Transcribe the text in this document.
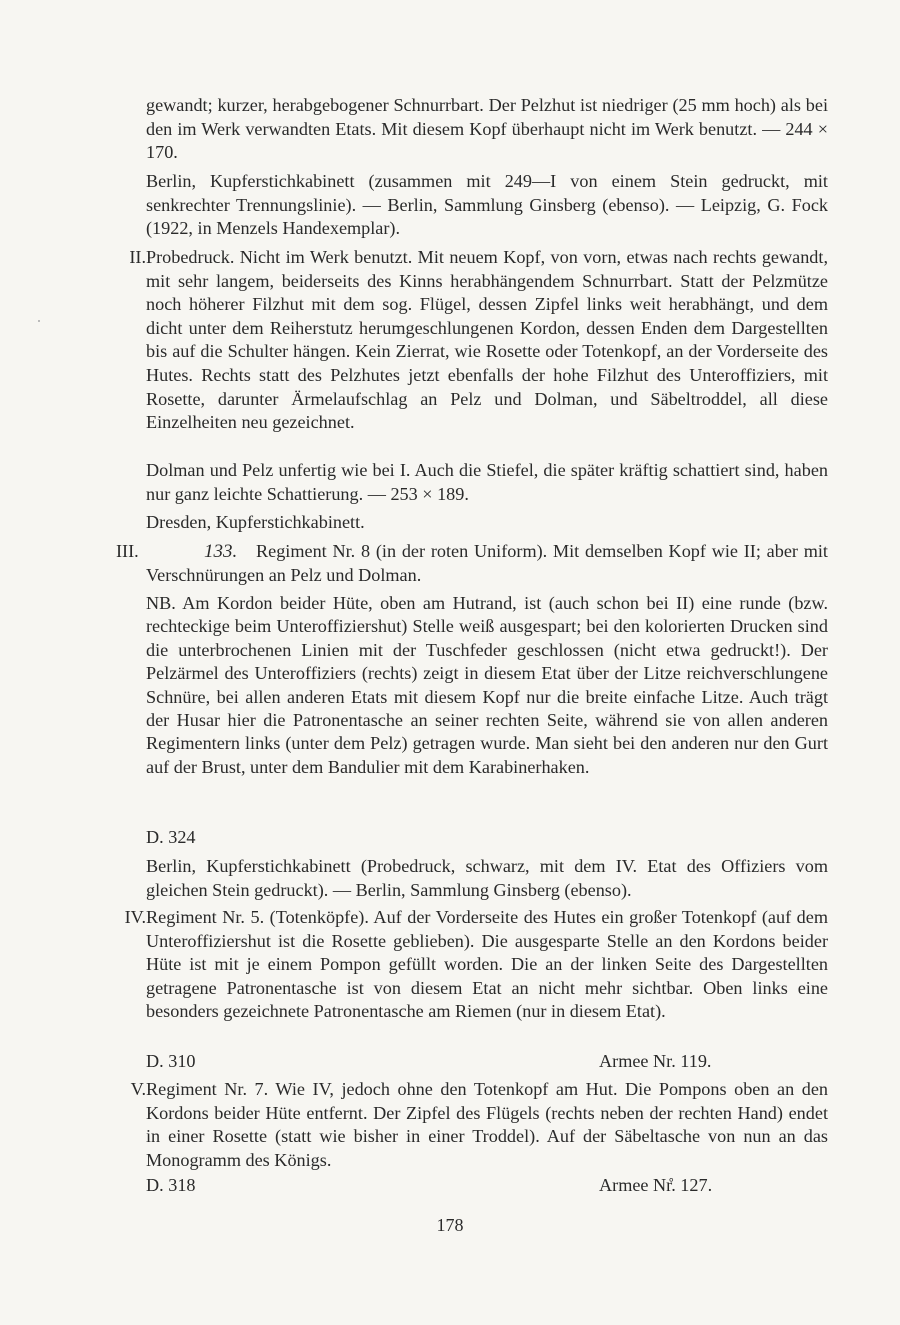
gewandt; kurzer, herabgebogener Schnurrbart. Der Pelzhut ist niedriger (25 mm hoch) als bei den im Werk verwandten Etats. Mit diesem Kopf überhaupt nicht im Werk benutzt. — 244 × 170.
Berlin, Kupferstichkabinett (zusammen mit 249—I von einem Stein gedruckt, mit senkrechter Trennungslinie). — Berlin, Sammlung Ginsberg (ebenso). — Leipzig, G. Fock (1922, in Menzels Handexemplar).
II. Probedruck. Nicht im Werk benutzt. Mit neuem Kopf, von vorn, etwas nach rechts gewandt, mit sehr langem, beiderseits des Kinns herabhängendem Schnurrbart. Statt der Pelzmütze noch höherer Filzhut mit dem sog. Flügel, dessen Zipfel links weit herabhängt, und dem dicht unter dem Reiherstutz herumgeschlungenen Kordon, dessen Enden dem Dargestellten bis auf die Schulter hängen. Kein Zierrat, wie Rosette oder Totenkopf, an der Vorderseite des Hutes. Rechts statt des Pelzhutes jetzt ebenfalls der hohe Filzhut des Unteroffiziers, mit Rosette, darunter Ärmelaufschlag an Pelz und Dolman, und Säbeltroddel, all diese Einzelheiten neu gezeichnet.
Dolman und Pelz unfertig wie bei I. Auch die Stiefel, die später kräftig schattiert sind, haben nur ganz leichte Schattierung. — 253 × 189.
Dresden, Kupferstichkabinett.
III.	133.	Regiment Nr. 8 (in der roten Uniform). Mit demselben Kopf wie II; aber mit Verschnürungen an Pelz und Dolman.
NB. Am Kordon beider Hüte, oben am Hutrand, ist (auch schon bei II) eine runde (bzw. rechteckige beim Unteroffiziershut) Stelle weiß ausgespart; bei den kolorierten Drucken sind die unterbrochenen Linien mit der Tuschfeder geschlossen (nicht etwa gedruckt!). Der Pelzärmel des Unteroffiziers (rechts) zeigt in diesem Etat über der Litze reichverschlungene Schnüre, bei allen anderen Etats mit diesem Kopf nur die breite einfache Litze. Auch trägt der Husar hier die Patronentasche an seiner rechten Seite, während sie von allen anderen Regimentern links (unter dem Pelz) getragen wurde. Man sieht bei den anderen nur den Gurt auf der Brust, unter dem Bandulier mit dem Karabinerhaken.
D. 324
Berlin, Kupferstichkabinett (Probedruck, schwarz, mit dem IV. Etat des Offiziers vom gleichen Stein gedruckt). — Berlin, Sammlung Ginsberg (ebenso).
IV. Regiment Nr. 5. (Totenköpfe). Auf der Vorderseite des Hutes ein großer Totenkopf (auf dem Unteroffiziershut ist die Rosette geblieben). Die ausgesparte Stelle an den Kordons beider Hüte ist mit je einem Pompon gefüllt worden. Die an der linken Seite des Dargestellten getragene Patronentasche ist von diesem Etat an nicht mehr sichtbar. Oben links eine besonders gezeichnete Patronentasche am Riemen (nur in diesem Etat).
D. 310	Armee Nr. 119.
V. Regiment Nr. 7. Wie IV, jedoch ohne den Totenkopf am Hut. Die Pompons oben an den Kordons beider Hüte entfernt. Der Zipfel des Flügels (rechts neben der rechten Hand) endet in einer Rosette (statt wie bisher in einer Troddel). Auf der Säbeltasche von nun an das Monogramm des Königs.
D. 318	Armee Nr̊. 127.
178
